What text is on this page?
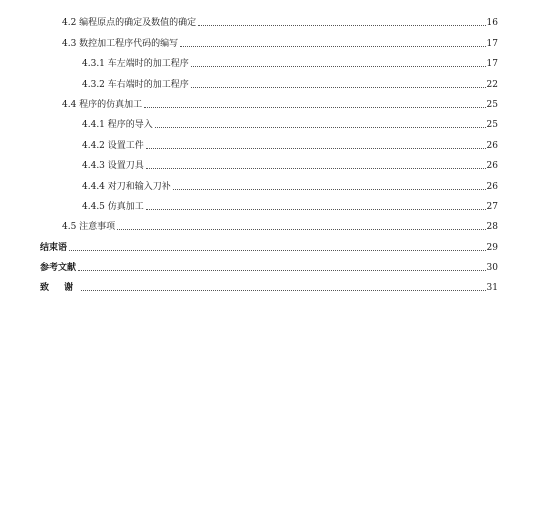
4.2 编程原点的确定及数值的确定	16
4.3 数控加工程序代码的编写	17
4.3.1 车左端时的加工程序	17
4.3.2 车右端时的加工程序	22
4.4 程序的仿真加工	25
4.4.1 程序的导入	25
4.4.2 设置工件	26
4.4.3 设置刀具	26
4.4.4 对刀和输入刀补	26
4.4.5 仿真加工	27
4.5 注意事项	28
结束语	29
参考文献	30
致 谢	31
